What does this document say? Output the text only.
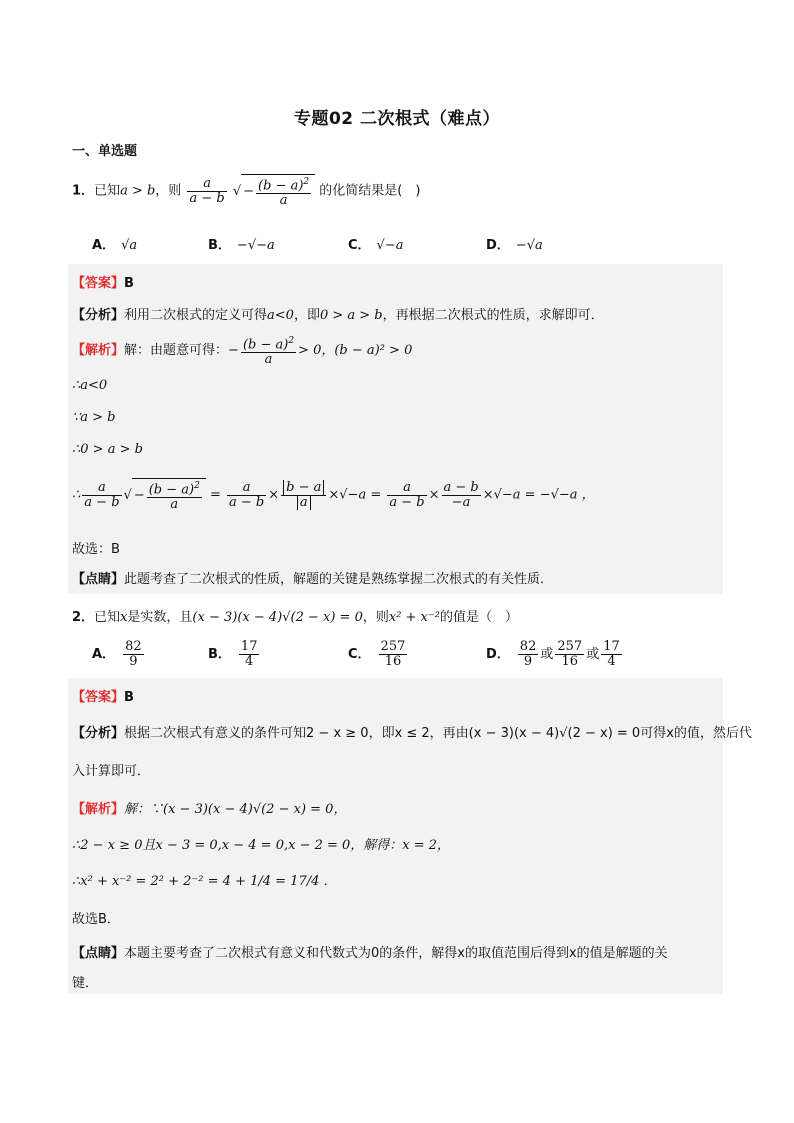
专题02 二次根式（难点）
一、单选题
1．已知a > b，则 $\frac{a}{a - b}$ √ − $\frac{(b - a)^2}{a}$ 的化简结果是(　)
A． √a	B． −√−a	C． √−a	D． −√a
【答案】B
【分析】利用二次根式的定义可得a<0，即0 > a > b，再根据二次根式的性质，求解即可．
【解析】解：由题意可得：− $\frac{(b - a)^2}{a} > 0$，(b − a)² > 0
∴a<0
∵a > b
∴0 > a > b
∴ $\frac{a}{a - b}$ √ − $\frac{(b - a)^2}{a} = \frac{a}{a - b} \times \frac{b - a}{a} \times√-a = \frac{a}{a - b} \times \frac{a - b}{-a} \times√-a = -√-a$ ，
故选：B
【点睛】此题考查了二次根式的性质，解题的关键是熟练掌握二次根式的有关性质．
2．已知x是实数，且(x − 3)(x − 4)√(2 − x) = 0，则x² + x⁻²的值是（　）
A． $\frac{82}{9}$	B． $\frac{17}{4}$	C． $\frac{257}{16}$	D． $\frac{82}{9}$ 或 $\frac{257}{16}$ 或 $\frac{17}{4}$
【答案】B
【分析】根据二次根式有意义的条件可知2 − x ≥ 0，即x ≤ 2，再由(x − 3)(x − 4)√(2 − x) = 0可得x的值，然后代
入计算即可．
【解析】解：∵(x − 3)(x − 4)√(2 − x) = 0，
∴2 − x ≥ 0且x − 3 = 0,x − 4 = 0,x − 2 = 0，解得：x = 2，
∴x² + x⁻² = 2² + 2⁻² = 4 + 1/4 = 17/4 ．
故选B．
【点睛】本题主要考查了二次根式有意义和代数式为0的条件，解得x的取值范围后得到x的值是解题的关
键．
